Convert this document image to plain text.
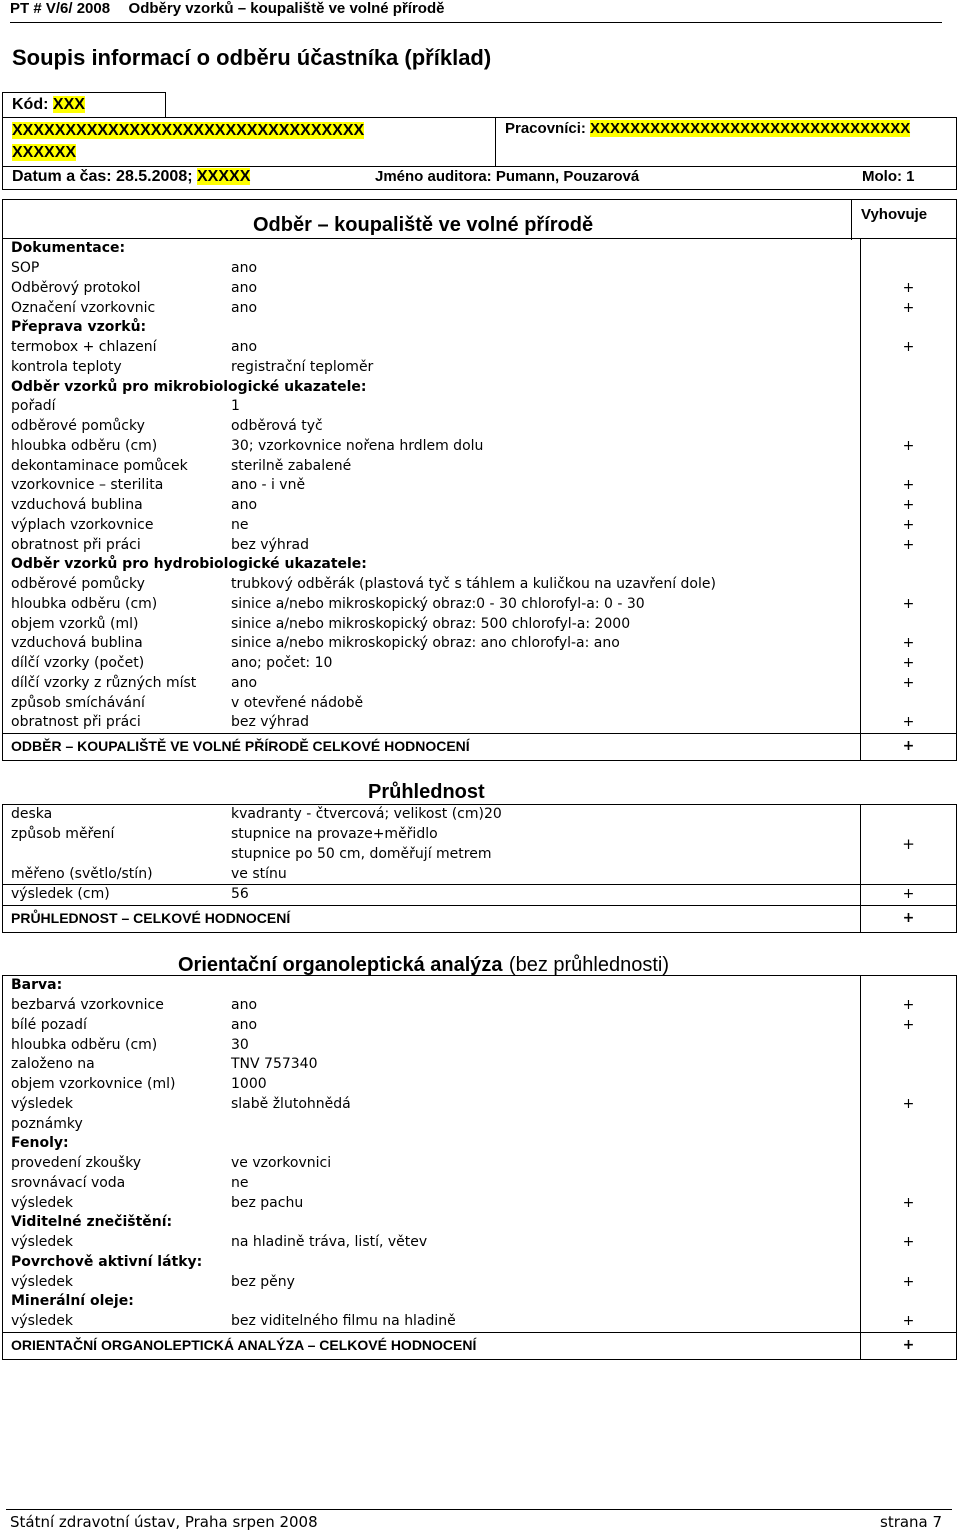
PT # V/6/ 2008 Odběry vzorků – koupaliště ve volné přírodě
Soupis informací o odběru účastníka (příklad)
Kód: XXX
XXXXXXXXXXXXXXXXXXXXXXXXXXXXXXXXX
XXXXXX
Pracovníci: XXXXXXXXXXXXXXXXXXXXXXXXXXXXXXXX
Datum a čas: 28.5.2008; XXXXX	Jméno auditora: Pumann, Pouzarová	Molo: 1
Odběr – koupaliště ve volné přírodě	Vyhovuje
Dokumentace:		
SOP	ano	
Odběrový protokol	ano	+
Označení vzorkovnic	ano	+
Přeprava vzorků:		
termobox + chlazení	ano	+
kontrola teploty	registrační teploměr	
Odběr vzorků pro mikrobiologické ukazatele:		
pořadí	1	
odběrové pomůcky	odběrová tyč	
hloubka odběru (cm)	30; vzorkovnice nořena hrdlem dolu	+
dekontaminace pomůcek	sterilně zabalené	
vzorkovnice – sterilita	ano - i vně	+
vzduchová bublina	ano	+
výplach vzorkovnice	ne	+
obratnost při práci	bez výhrad	+
Odběr vzorků pro hydrobiologické ukazatele:		
odběrové pomůcky	trubkový odběrák (plastová tyč s táhlem a kuličkou na uzavření dole)	
hloubka odběru (cm)	sinice a/nebo mikroskopický obraz:0 - 30 chlorofyl-a: 0 - 30	+
objem vzorků (ml)	sinice a/nebo mikroskopický obraz: 500 chlorofyl-a: 2000	
vzduchová bublina	sinice a/nebo mikroskopický obraz: ano chlorofyl-a: ano	+
dílčí vzorky (počet)	ano; počet: 10	+
dílčí vzorky z různých míst	ano	+
způsob smíchávání	v otevřené nádobě	
obratnost při práci	bez výhrad	+
ODBĚR – KOUPALIŠTĚ VE VOLNÉ PŘÍRODĚ CELKOVÉ HODNOCENÍ		+
Průhlednost
deska	kvadranty - čtvercová; velikost (cm)20	+
způsob měření	stupnice na provaze+měřidlo	
	stupnice po 50 cm, doměřují metrem	
měřeno (světlo/stín)	ve stínu	
výsledek (cm)	56	+
PRŮHLEDNOST – CELKOVÉ HODNOCENÍ		+
Orientační organoleptická analýza (bez průhlednosti)
Barva:		
bezbarvá vzorkovnice	ano	+
bílé pozadí	ano	+
hloubka odběru (cm)	30	
založeno na	TNV 757340	
objem vzorkovnice (ml)	1000	
výsledek	slabě žlutohnědá	+
poznámky		
Fenoly:		
provedení zkoušky	ve vzorkovnici	
srovnávací voda	ne	
výsledek	bez pachu	+
Viditelné znečištění:		
výsledek	na hladině tráva, listí, větev	+
Povrchově aktivní látky:		
výsledek	bez pěny	+
Minerální oleje:		
výsledek	bez viditelného filmu na hladině	+
ORIENTAČNÍ ORGANOLEPTICKÁ ANALÝZA – CELKOVÉ HODNOCENÍ		+
Státní zdravotní ústav, Praha srpen 2008	strana 7
